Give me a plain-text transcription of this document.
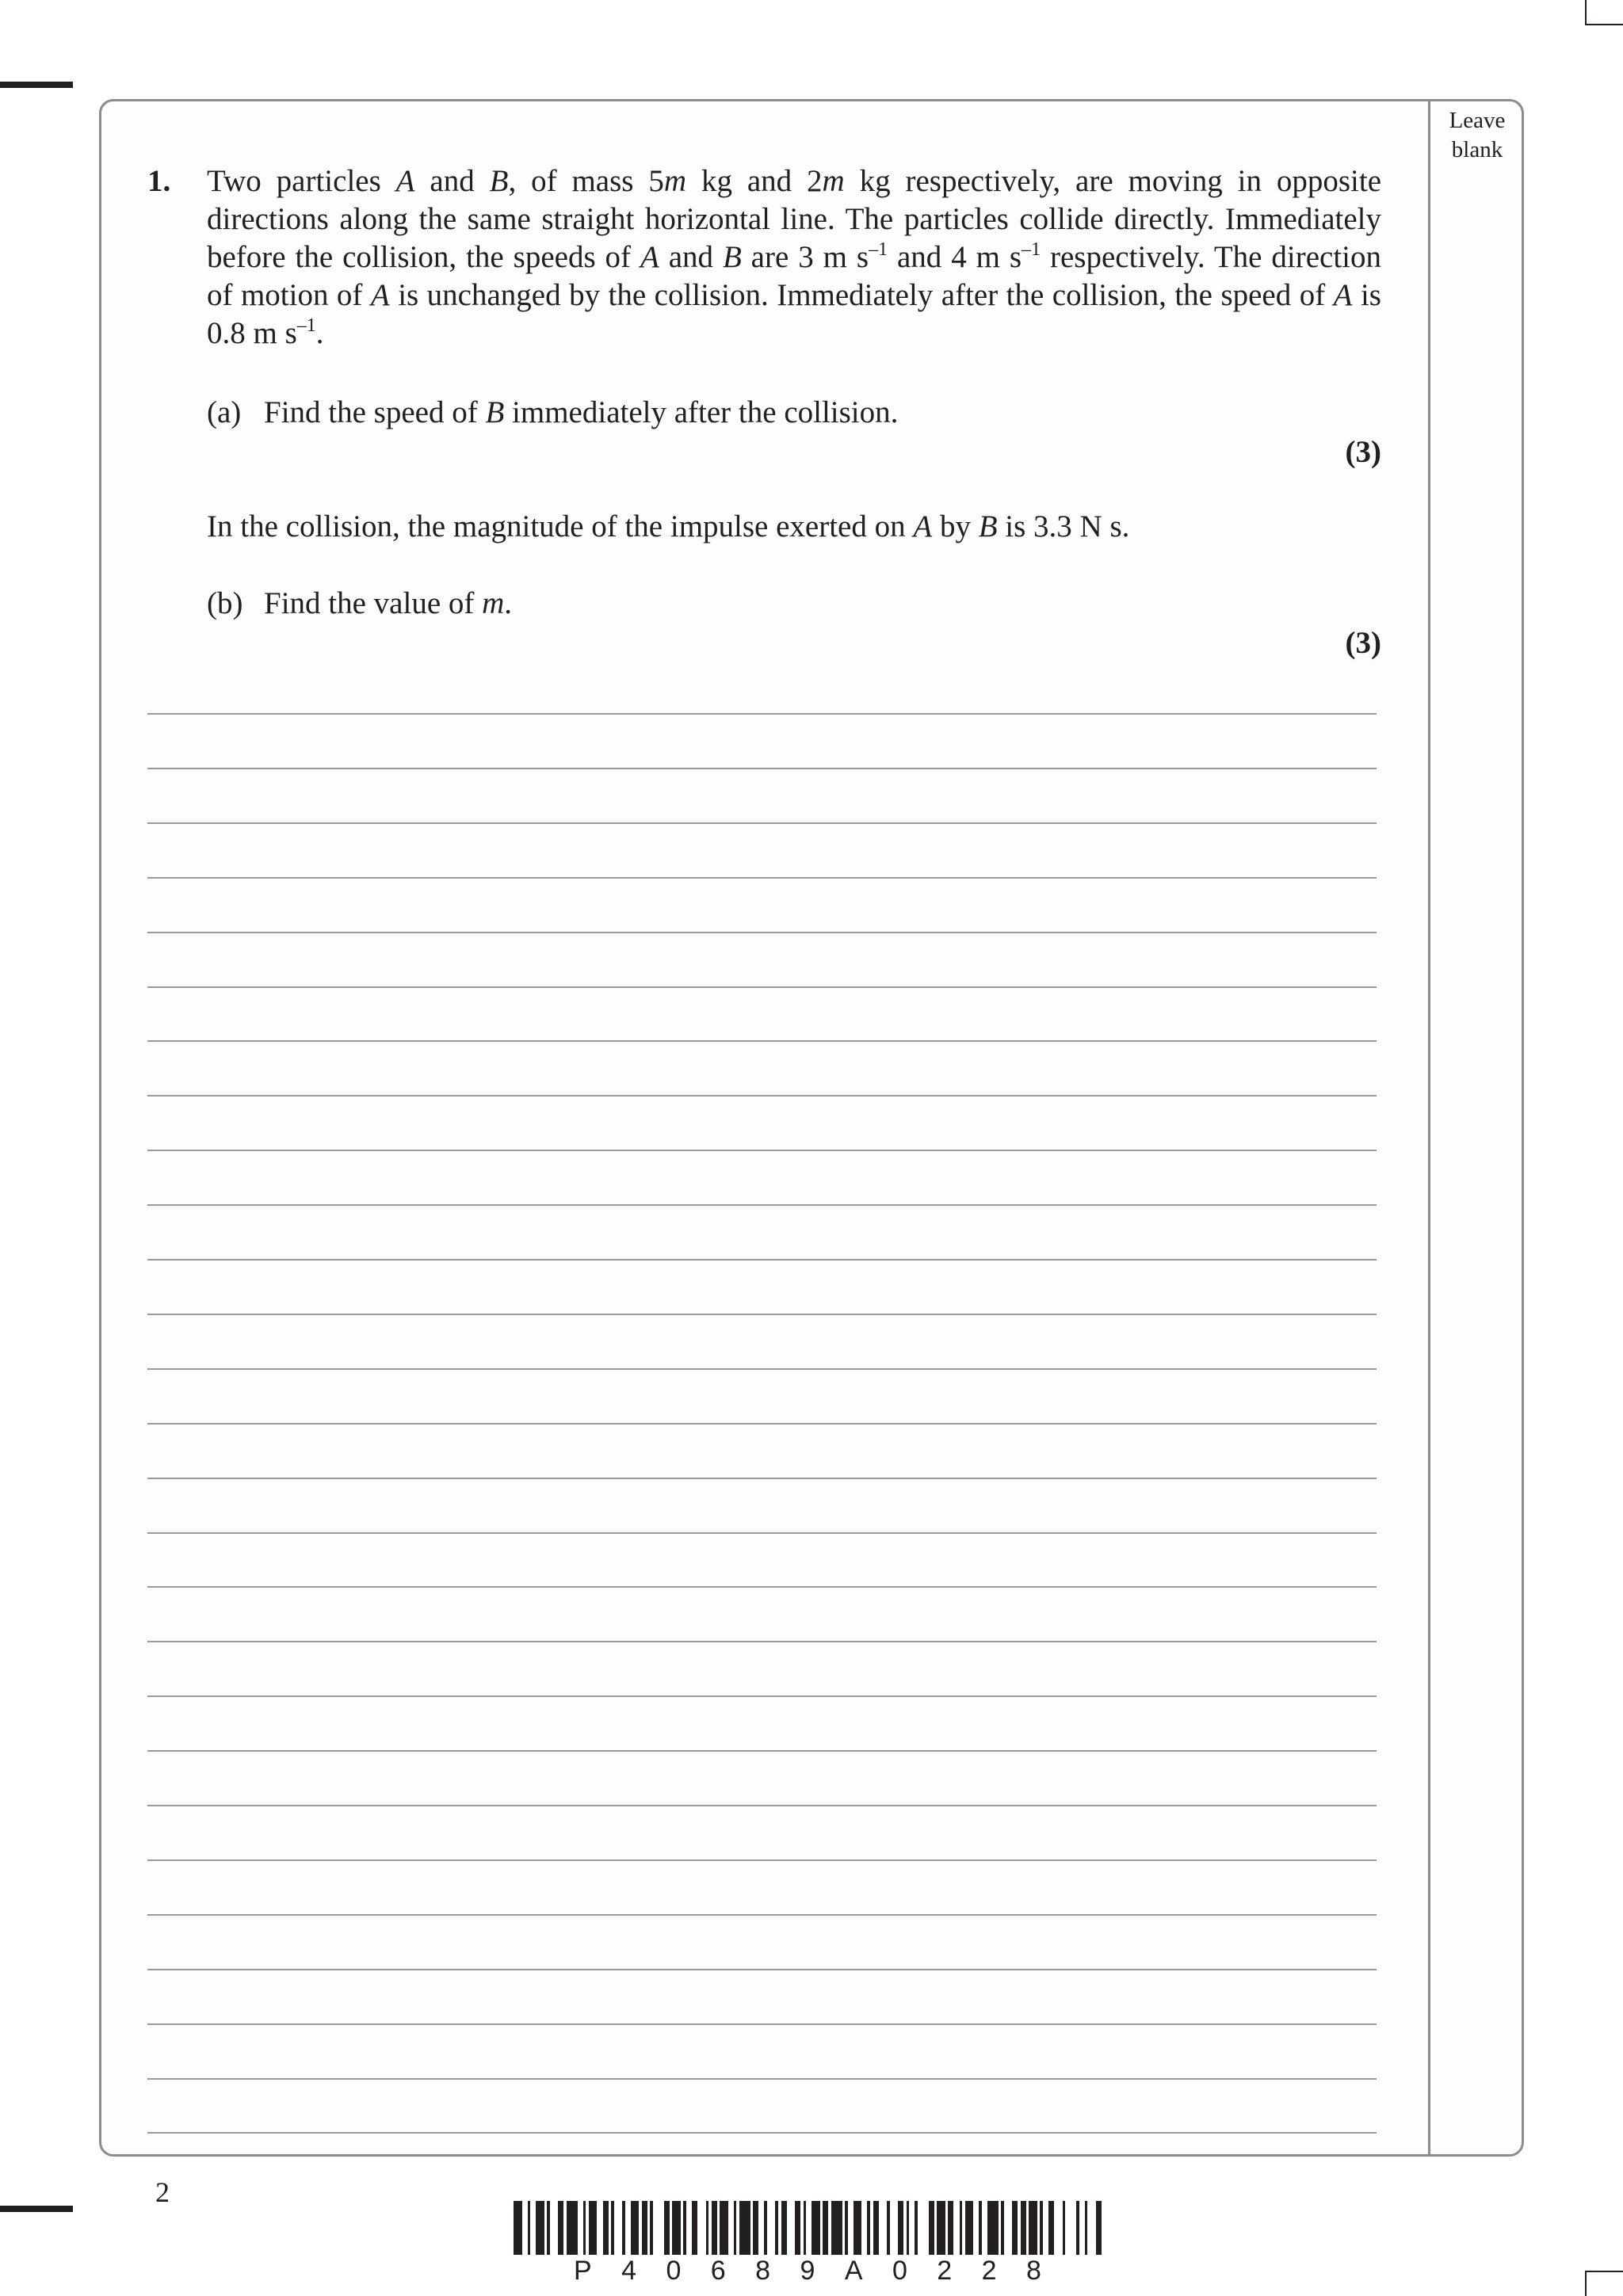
Leave
blank
1. Two particles A and B, of mass 5m kg and 2m kg respectively, are moving in opposite directions along the same straight horizontal line. The particles collide directly. Immediately before the collision, the speeds of A and B are 3 m $s^{-1}$ and 4 m $s^{-1}$ respectively. The direction of motion of A is unchanged by the collision. Immediately after the collision, the speed of A is 0.8 m $s^{-1}$.
(a) Find the speed of B immediately after the collision.
(3)
In the collision, the magnitude of the impulse exerted on A by B is 3.3 N s.
(b) Find the value of m.
(3)
2
P 4 0 6 8 9 A 0 2 2 8
